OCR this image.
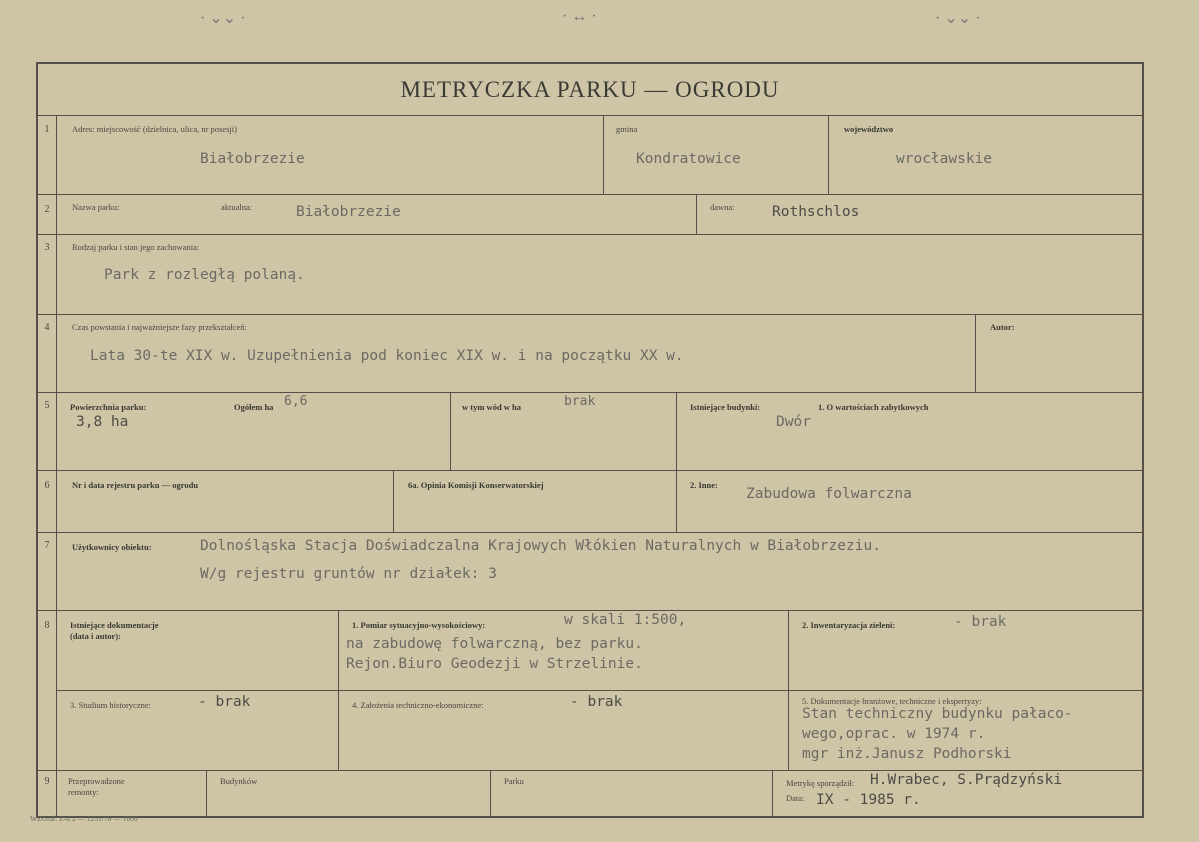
· ⌄⌄ ·	· ↔ ·	· ⌄⌄ ·
METRYCZKA PARKU — OGRODU
1	Adres: miejscowość (dzielnica, ulica, nr posesji)
Białobrzezie
gmina
Kondratowice
województwo
wrocławskie
2	Nazwa parku:	aktualna:	Białobrzezie	dawna:	Rothschlos
3	Rodzaj parku i stan jego zachowania:
Park z rozległą polaną.
4	Czas powstania i najważniejsze fazy przekształceń:
Lata 30-te XIX w. Uzupełnienia pod koniec XIX w. i na początku XX w.
Autor:
5	Powierzchnia parku:	Ogółem ha 6,6
3,8 ha
w tym wód w ha	brak	Istniejące budynki:	1. O wartościach zabytkowych
Dwór
6	Nr i data rejestru parku — ogrodu	6a. Opinia Komisji Konserwatorskiej	2. Inne:
Zabudowa folwarczna
7	Użytkownicy obiektu:	Dolnośląska Stacja Doświadczalna Krajowych Włókien Naturalnych w Białobrzeziu.
W/g rejestru gruntów nr działek: 3
8	Istniejące dokumentacje
(data i autor):
1. Pomiar sytuacyjno-wysokościowy:	w skali 1:500,
na zabudowę folwarczną, bez parku.
Rejon.Biuro Geodezji w Strzelinie.
2. Inwentaryzacja zieleni:	- brak
3. Studium historyczne:	- brak	4. Założenia techniczno-ekonomiczne:	- brak	5. Dokumentacje branżowe, techniczne i ekspertyzy:
Stan techniczny budynku pałaco-
wego,oprac. w 1974 r.
mgr inż.Janusz Podhorski
9	Przeprowadzone
remonty:
Budynków	Parku	Metrykę sporządził: H.Wrabec, S.Prądzyński
Data: IX - 1985 r.
WZGraf. Z-d 2 — 1251/78 — 1000
